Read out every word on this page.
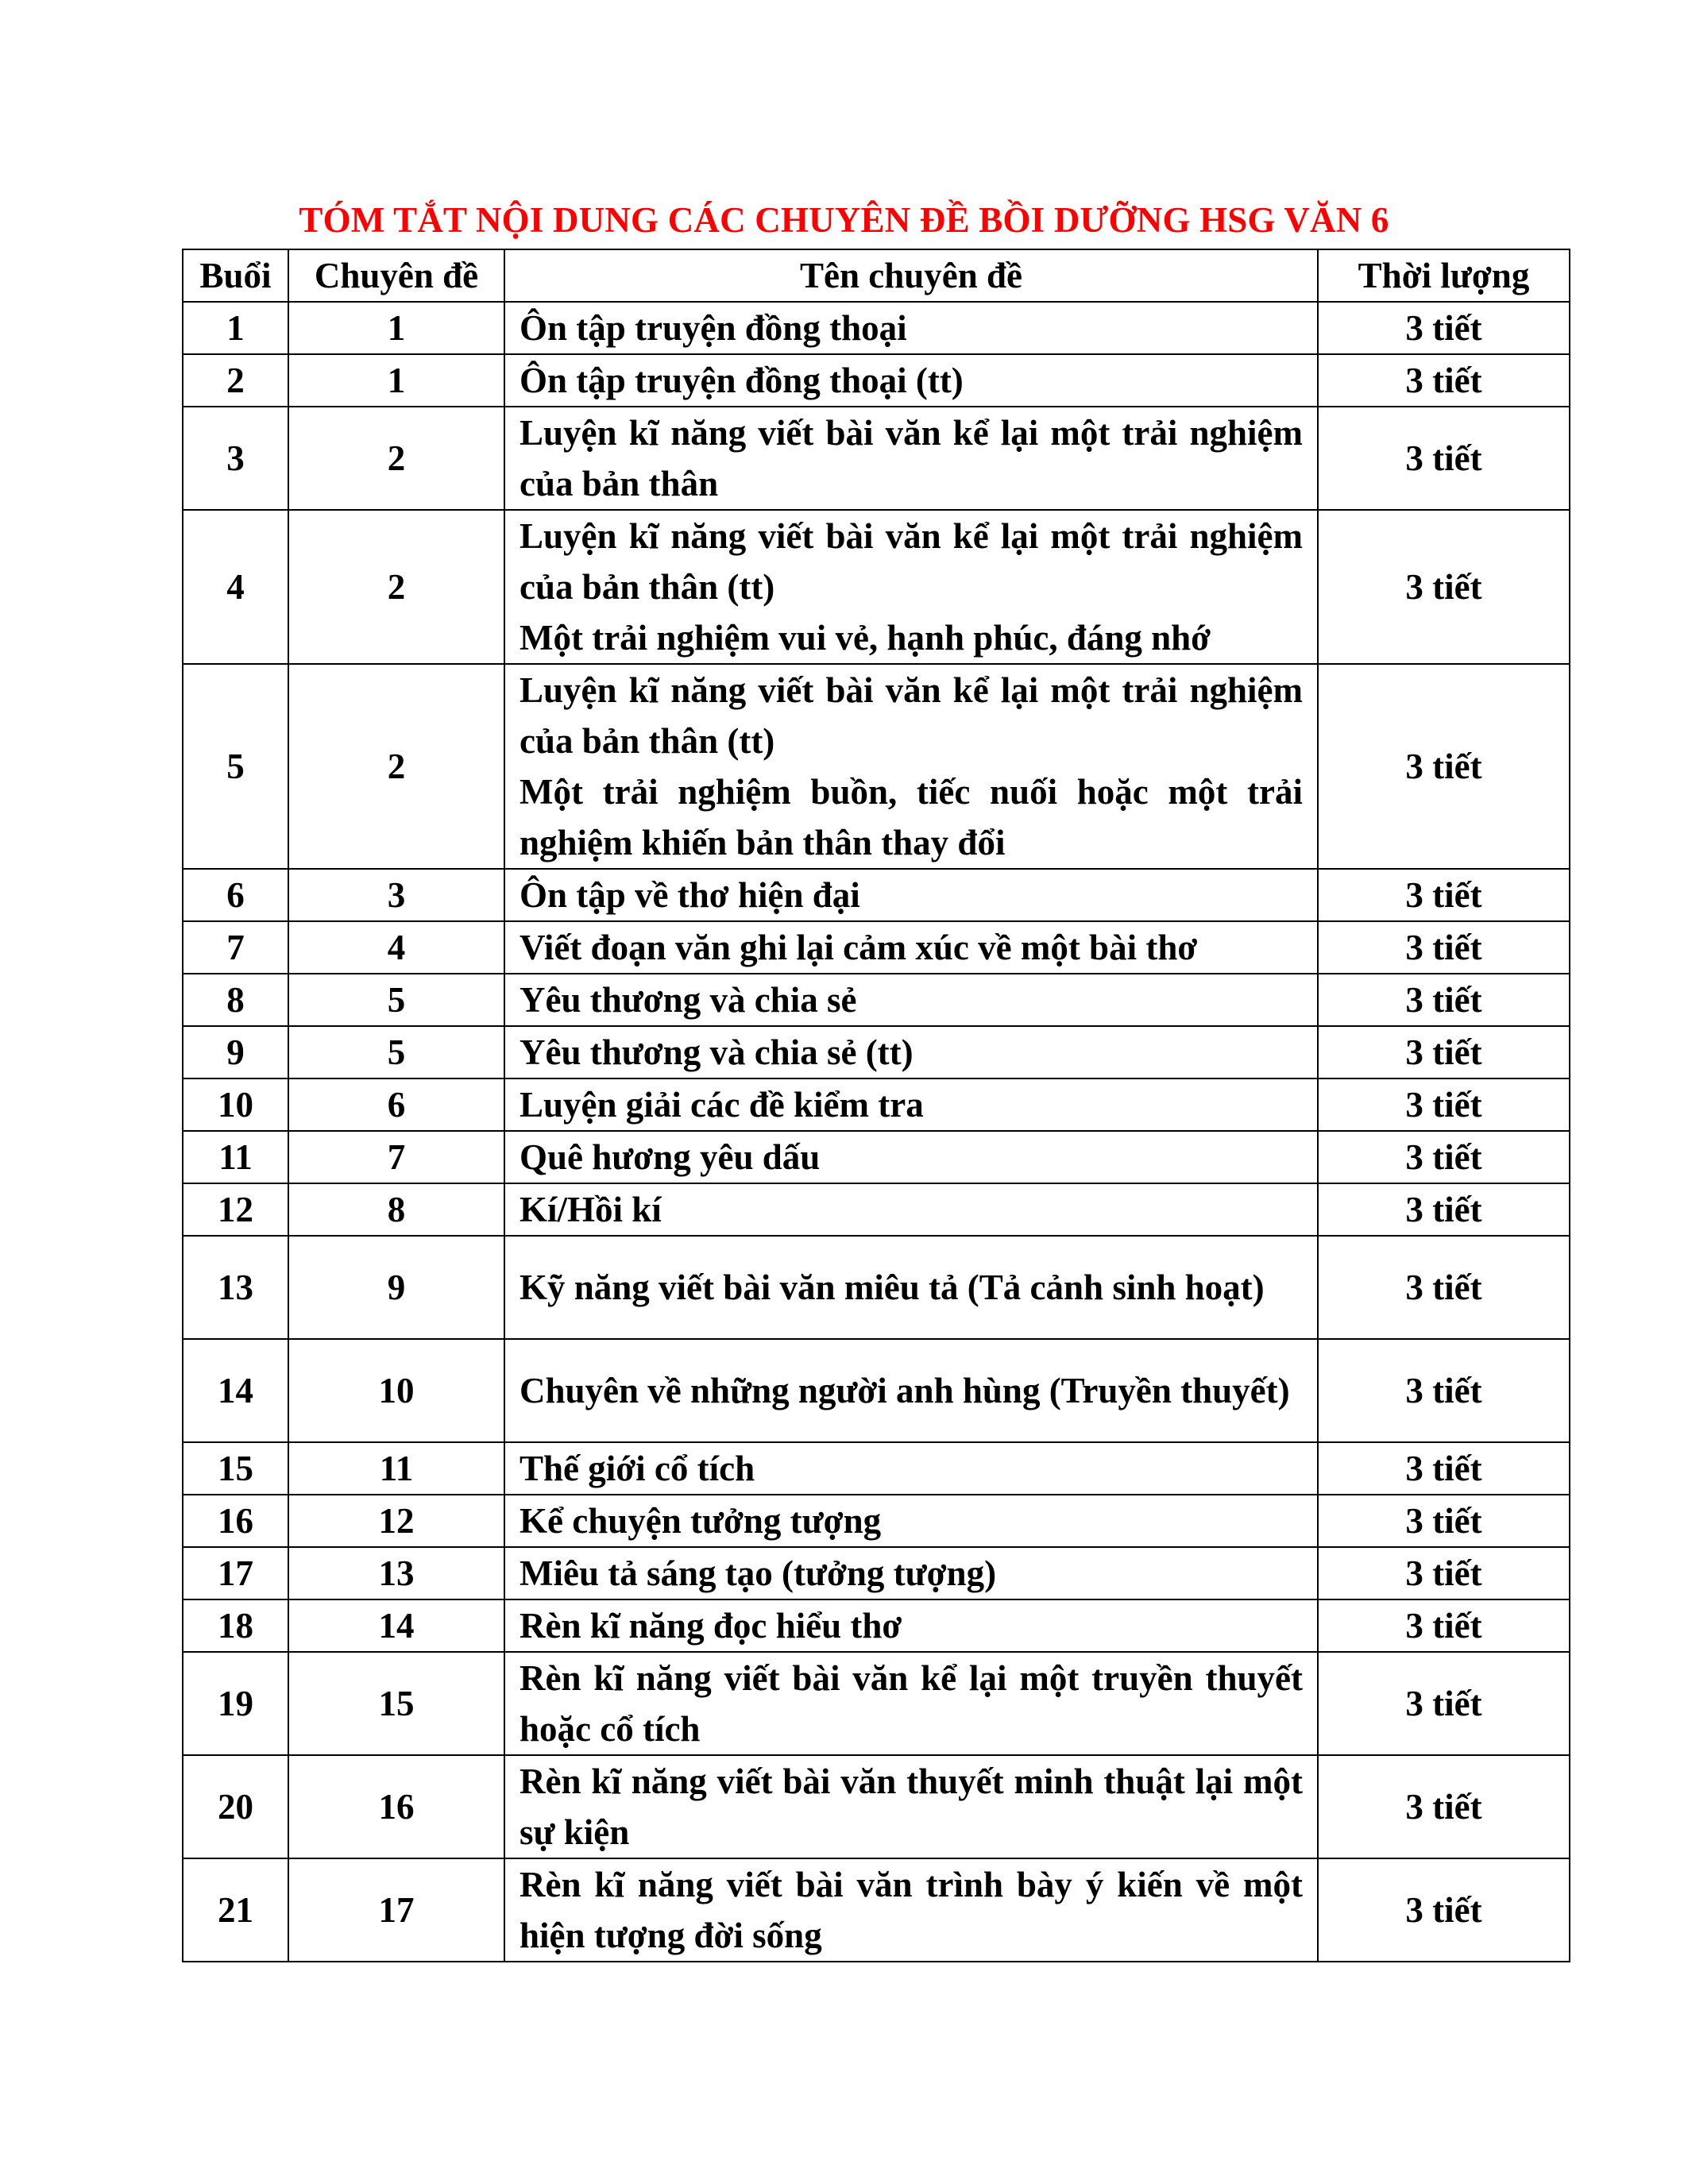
TÓM TẮT NỘI DUNG CÁC CHUYÊN ĐỀ BỒI DƯỠNG HSG VĂN 6
Buổi	Chuyên đề	Tên chuyên đề	Thời lượng
1	1	Ôn tập truyện đồng thoại	3 tiết
2	1	Ôn tập truyện đồng thoại (tt)	3 tiết
3	2	Luyện kĩ năng viết bài văn kể lại một trải nghiệm của bản thân	3 tiết
4	2	Luyện kĩ năng viết bài văn kể lại một trải nghiệm của bản thân (tt)
Một trải nghiệm vui vẻ, hạnh phúc, đáng nhớ	3 tiết
5	2	Luyện kĩ năng viết bài văn kể lại một trải nghiệm của bản thân (tt)
Một trải nghiệm buồn, tiếc nuối hoặc một trải nghiệm khiến bản thân thay đổi	3 tiết
6	3	Ôn tập về thơ hiện đại	3 tiết
7	4	Viết đoạn văn ghi lại cảm xúc về một bài thơ	3 tiết
8	5	Yêu thương và chia sẻ	3 tiết
9	5	Yêu thương và chia sẻ (tt)	3 tiết
10	6	Luyện giải các đề kiểm tra	3 tiết
11	7	Quê hương yêu dấu	3 tiết
12	8	Kí/Hồi kí	3 tiết
13	9	Kỹ năng viết bài văn miêu tả (Tả cảnh sinh hoạt)	3 tiết
14	10	Chuyên về những người anh hùng (Truyền thuyết)	3 tiết
15	11	Thế giới cổ tích	3 tiết
16	12	Kể chuyện tưởng tượng	3 tiết
17	13	Miêu tả sáng tạo (tưởng tượng)	3 tiết
18	14	Rèn kĩ năng đọc hiểu thơ	3 tiết
19	15	Rèn kĩ năng viết bài văn kể lại một truyền thuyết hoặc cổ tích	3 tiết
20	16	Rèn kĩ năng viết bài văn thuyết minh thuật lại một sự kiện	3 tiết
21	17	Rèn kĩ năng viết bài văn trình bày ý kiến về một hiện tượng đời sống	3 tiết
